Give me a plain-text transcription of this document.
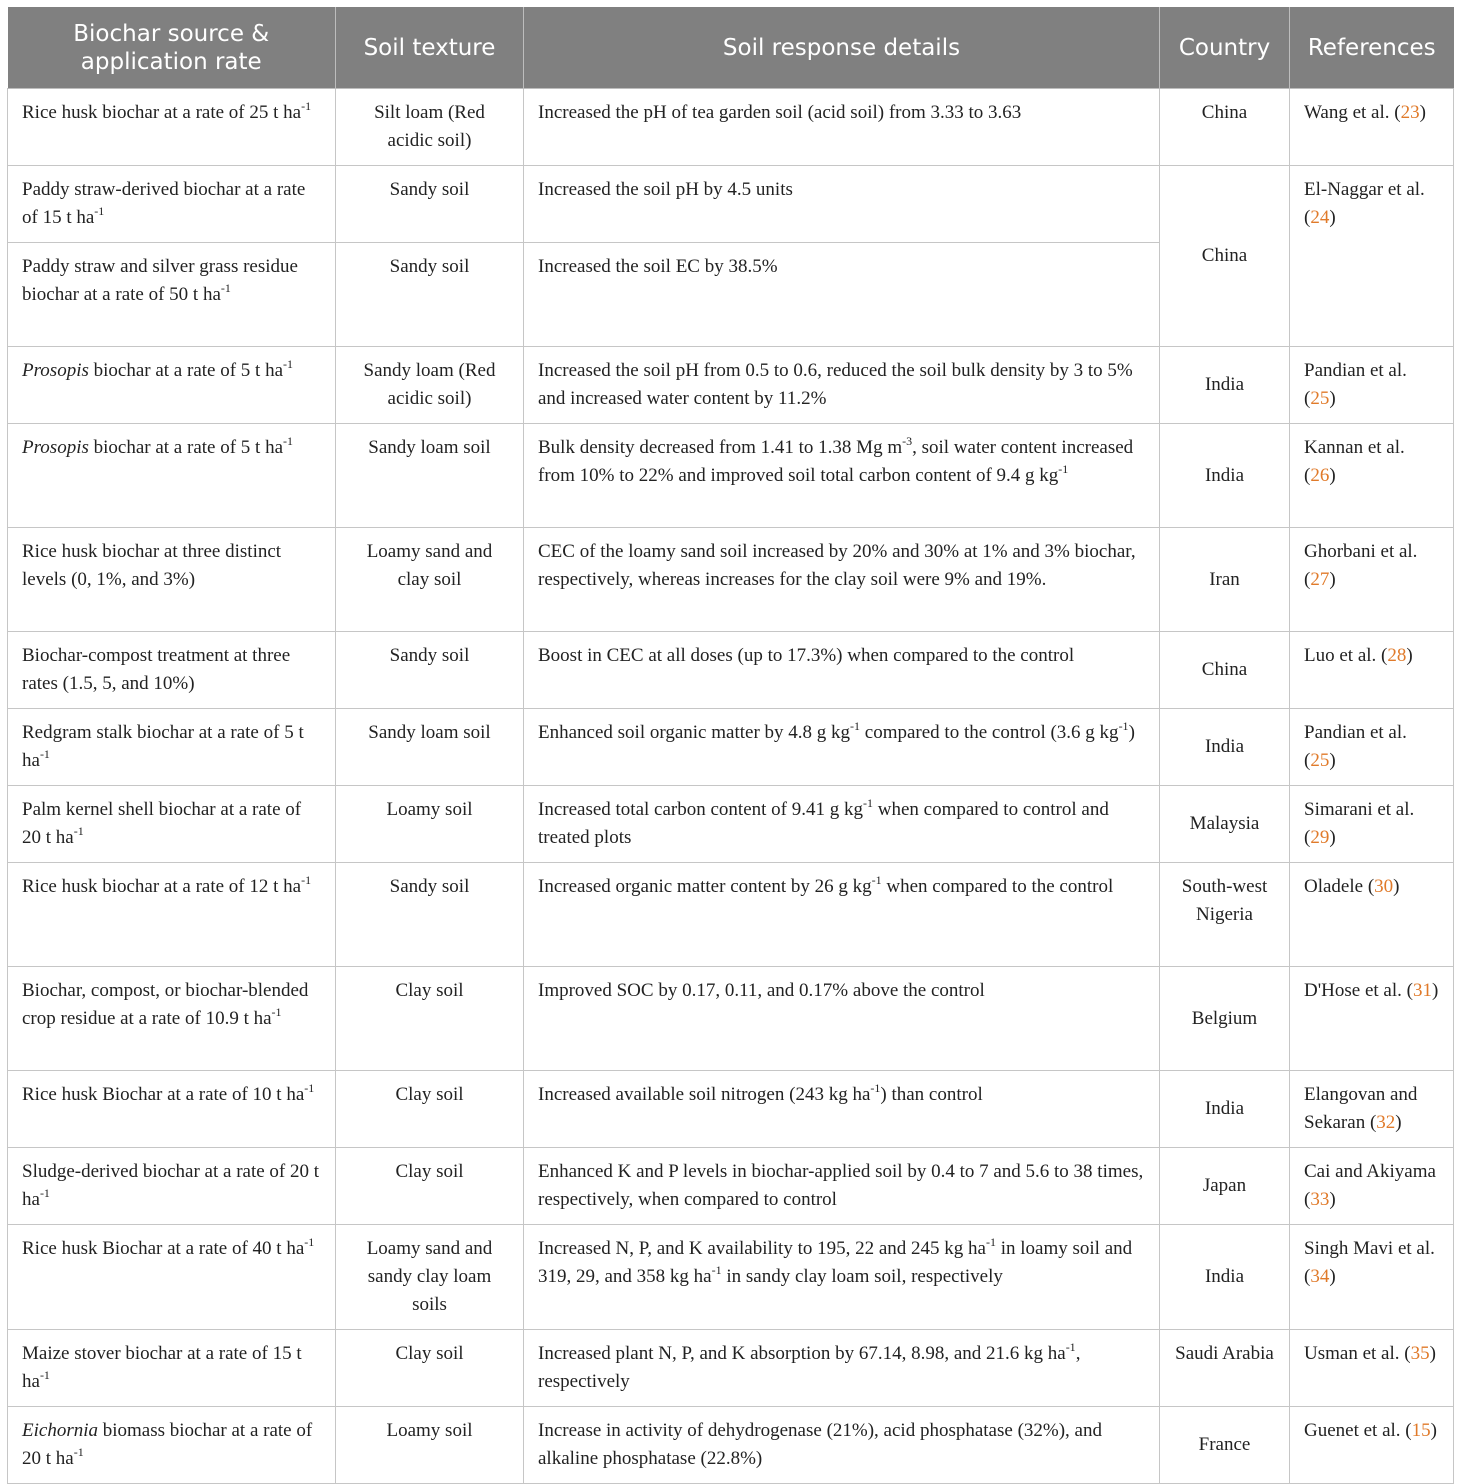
Biochar source & application rate	Soil texture	Soil response details	Country	References
Rice husk biochar at a rate of 25 t $ha^{-1}$	Silt loam (Red acidic soil)	Increased the pH of tea garden soil (acid soil) from 3.33 to 3.63	China	Wang et al. (23)
Paddy straw-derived biochar at a rate of 15 t $ha^{-1}$	Sandy soil	Increased the soil pH by 4.5 units	China	El-Naggar et al. (24)
Paddy straw and silver grass residue biochar at a rate of 50 t $ha^{-1}$	Sandy soil	Increased the soil EC by 38.5%		
Prosopis biochar at a rate of 5 t $ha^{-1}$	Sandy loam (Red acidic soil)	Increased the soil pH from 0.5 to 0.6, reduced the soil bulk density by 3 to 5% and increased water content by 11.2%	India	Pandian et al. (25)
Prosopis biochar at a rate of 5 t $ha^{-1}$	Sandy loam soil	Bulk density decreased from 1.41 to 1.38 Mg $m^{-3}$, soil water content increased from 10% to 22% and improved soil total carbon content of 9.4 g $kg^{-1}$	India	Kannan et al. (26)
Rice husk biochar at three distinct levels (0, 1%, and 3%)	Loamy sand and clay soil	CEC of the loamy sand soil increased by 20% and 30% at 1% and 3% biochar, respectively, whereas increases for the clay soil were 9% and 19%.	Iran	Ghorbani et al. (27)
Biochar-compost treatment at three rates (1.5, 5, and 10%)	Sandy soil	Boost in CEC at all doses (up to 17.3%) when compared to the control	China	Luo et al. (28)
Redgram stalk biochar at a rate of 5 t $ha^{-1}$	Sandy loam soil	Enhanced soil organic matter by 4.8 g $kg^{-1}$ compared to the control (3.6 g $kg^{-1}$)	India	Pandian et al. (25)
Palm kernel shell biochar at a rate of 20 t $ha^{-1}$	Loamy soil	Increased total carbon content of 9.41 g $kg^{-1}$ when compared to control and treated plots	Malaysia	Simarani et al. (29)
Rice husk biochar at a rate of 12 t $ha^{-1}$	Sandy soil	Increased organic matter content by 26 g $kg^{-1}$ when compared to the control	South-west Nigeria	Oladele (30)
Biochar, compost, or biochar-blended crop residue at a rate of 10.9 t $ha^{-1}$	Clay soil	Improved SOC by 0.17, 0.11, and 0.17% above the control	Belgium	D'Hose et al. (31)
Rice husk Biochar at a rate of 10 t $ha^{-1}$	Clay soil	Increased available soil nitrogen (243 kg $ha^{-1}$) than control	India	Elangovan and Sekaran (32)
Sludge-derived biochar at a rate of 20 t $ha^{-1}$	Clay soil	Enhanced K and P levels in biochar-applied soil by 0.4 to 7 and 5.6 to 38 times, respectively, when compared to control	Japan	Cai and Akiyama (33)
Rice husk Biochar at a rate of 40 t $ha^{-1}$	Loamy sand and sandy clay loam soils	Increased N, P, and K availability to 195, 22 and 245 kg $ha^{-1}$ in loamy soil and 319, 29, and 358 kg $ha^{-1}$ in sandy clay loam soil, respectively	India	Singh Mavi et al. (34)
Maize stover biochar at a rate of 15 t $ha^{-1}$	Clay soil	Increased plant N, P, and K absorption by 67.14, 8.98, and 21.6 kg $ha^{-1}$, respectively	Saudi Arabia	Usman et al. (35)
Eichornia biomass biochar at a rate of 20 t $ha^{-1}$	Loamy soil	Increase in activity of dehydrogenase (21%), acid phosphatase (32%), and alkaline phosphatase (22.8%)	France	Guenet et al. (15)
